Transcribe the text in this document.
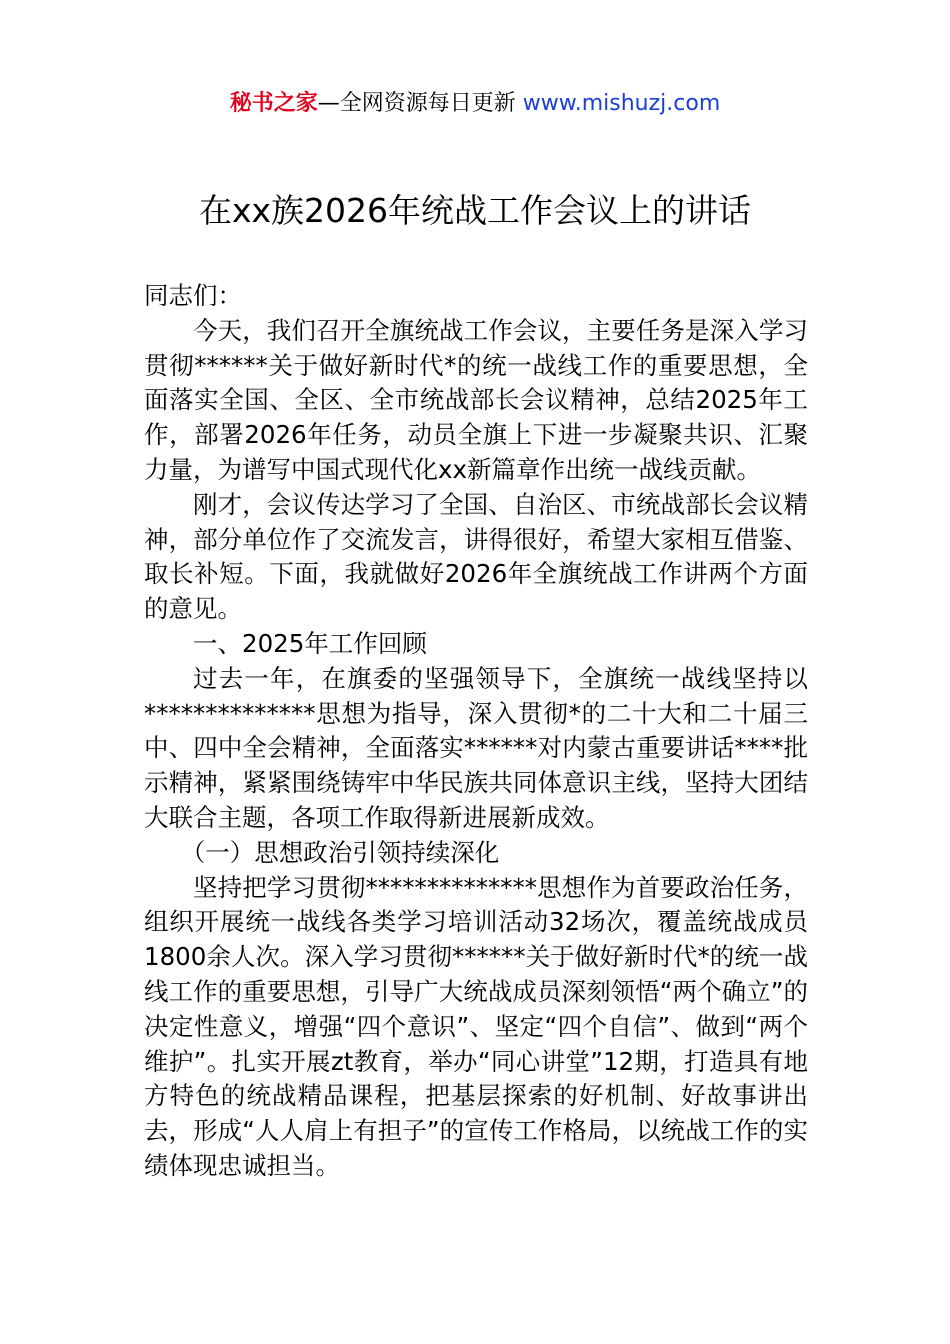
秘书之家—全网资源每日更新 www.mishuzj.com
在xx族2026年统战工作会议上的讲话

同志们：

今天，我们召开全旗统战工作会议，主要任务是深入学习贯彻******关于做好新时代*的统一战线工作的重要思想，全面落实全国、全区、全市统战部长会议精神，总结2025年工作，部署2026年任务，动员全旗上下进一步凝聚共识、汇聚力量，为谱写中国式现代化xx新篇章作出统一战线贡献。

刚才，会议传达学习了全国、自治区、市统战部长会议精神，部分单位作了交流发言，讲得很好，希望大家相互借鉴、取长补短。下面，我就做好2026年全旗统战工作讲两个方面的意见。

一、2025年工作回顾

过去一年，在旗委的坚强领导下，全旗统一战线坚持以**************思想为指导，深入贯彻*的二十大和二十届三中、四中全会精神，全面落实******对内蒙古重要讲话****批示精神，紧紧围绕铸牢中华民族共同体意识主线，坚持大团结大联合主题，各项工作取得新进展新成效。

（一）思想政治引领持续深化

坚持把学习贯彻**************思想作为首要政治任务，组织开展统一战线各类学习培训活动32场次，覆盖统战成员1800余人次。深入学习贯彻******关于做好新时代*的统一战线工作的重要思想，引导广大统战成员深刻领悟“两个确立”的决定性意义，增强“四个意识”、坚定“四个自信”、做到“两个维护”。扎实开展zt教育，举办“同心讲堂”12期，打造具有地方特色的统战精品课程，把基层探索的好机制、好故事讲出去，形成“人人肩上有担子”的宣传工作格局，以统战工作的实绩体现忠诚担当。
